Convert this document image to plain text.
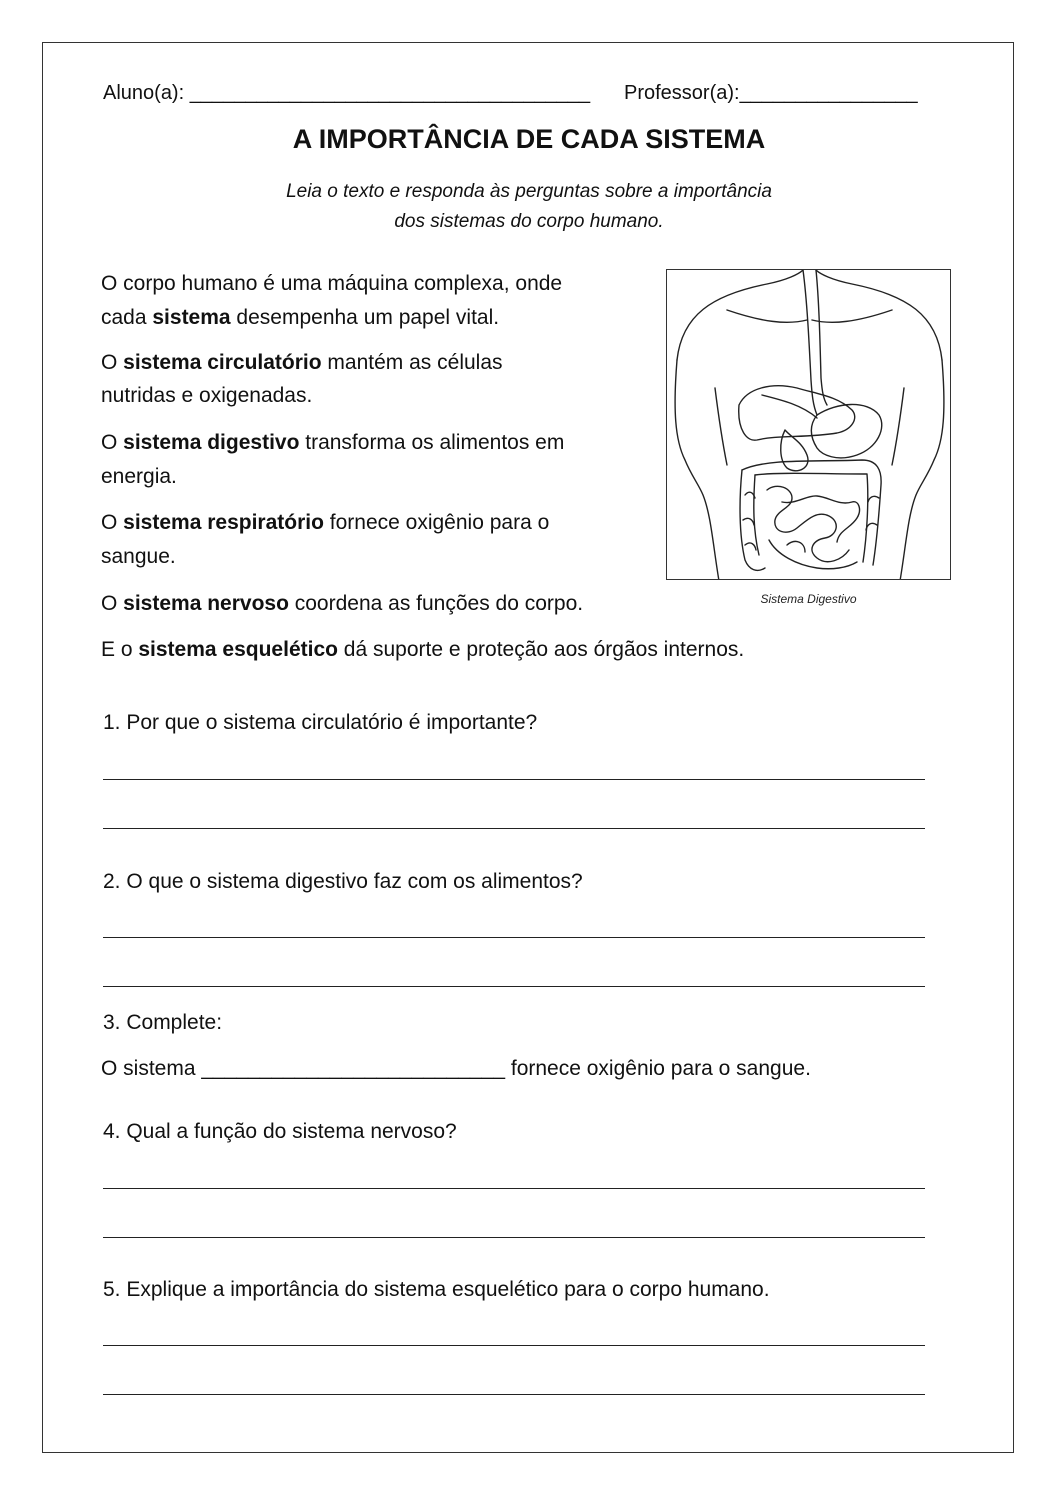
Aluno(a): ____________________________________ Professor(a):________________
A IMPORTÂNCIA DE CADA SISTEMA
Leia o texto e responda às perguntas sobre a importância
dos sistemas do corpo humano.
O corpo humano é uma máquina complexa, onde
cada sistema desempenha um papel vital.
O sistema circulatório mantém as células
nutridas e oxigenadas.
O sistema digestivo transforma os alimentos em
energia.
O sistema respiratório fornece oxigênio para o
sangue.
O sistema nervoso coordena as funções do corpo.
E o sistema esquelético dá suporte e proteção aos órgãos internos.
Sistema Digestivo
1. Por que o sistema circulatório é importante?
2. O que o sistema digestivo faz com os alimentos?
3. Complete:
O sistema __________________________ fornece oxigênio para o sangue.
4. Qual a função do sistema nervoso?
5. Explique a importância do sistema esquelético para o corpo humano.
